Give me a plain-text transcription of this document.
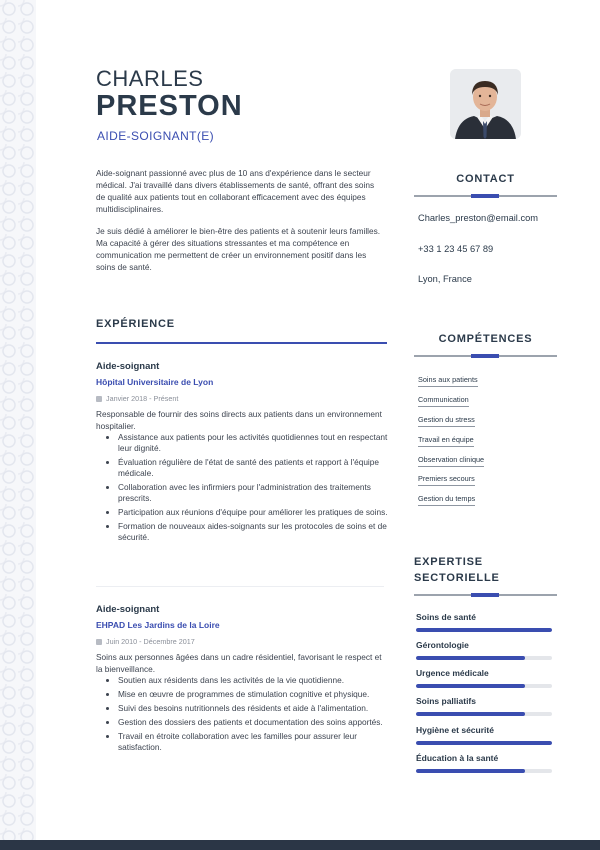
CHARLES
PRESTON
AIDE-SOIGNANT(E)

Aide-soignant passionné avec plus de 10 ans d'expérience dans le secteur médical. J'ai travaillé dans divers établissements de santé, offrant des soins de qualité aux patients tout en collaborant efficacement avec des équipes multidisciplinaires.

Je suis dédié à améliorer le bien-être des patients et à soutenir leurs familles. Ma capacité à gérer des situations stressantes et ma compétence en communication me permettent de créer un environnement positif dans les soins de santé.

EXPÉRIENCE

Aide-soignant

Hôpital Universitaire de Lyon

Janvier 2018 - Présent

Responsable de fournir des soins directs aux patients dans un environnement hospitalier.

• Assistance aux patients pour les activités quotidiennes tout en respectant leur dignité.
• Évaluation régulière de l'état de santé des patients et rapport à l'équipe médicale.
• Collaboration avec les infirmiers pour l'administration des traitements prescrits.
• Participation aux réunions d'équipe pour améliorer les pratiques de soins.
• Formation de nouveaux aides-soignants sur les protocoles de soins et de sécurité.

Aide-soignant

EHPAD Les Jardins de la Loire

Juin 2010 - Décembre 2017

Soins aux personnes âgées dans un cadre résidentiel, favorisant le respect et la bienveillance.

• Soutien aux résidents dans les activités de la vie quotidienne.
• Mise en œuvre de programmes de stimulation cognitive et physique.
• Suivi des besoins nutritionnels des résidents et aide à l'alimentation.
• Gestion des dossiers des patients et documentation des soins apportés.
• Travail en étroite collaboration avec les familles pour assurer leur satisfaction.
CONTACT
Charles_preston@email.com
+33 1 23 45 67 89
Lyon, France
COMPÉTENCES
Soins aux patients
Communication
Gestion du stress
Travail en équipe
Observation clinique
Premiers secours
Gestion du temps
EXPERTISE
SECTORIELLE
Soins de santé
Gérontologie
Urgence médicale
Soins palliatifs
Hygiène et sécurité
Éducation à la santé
